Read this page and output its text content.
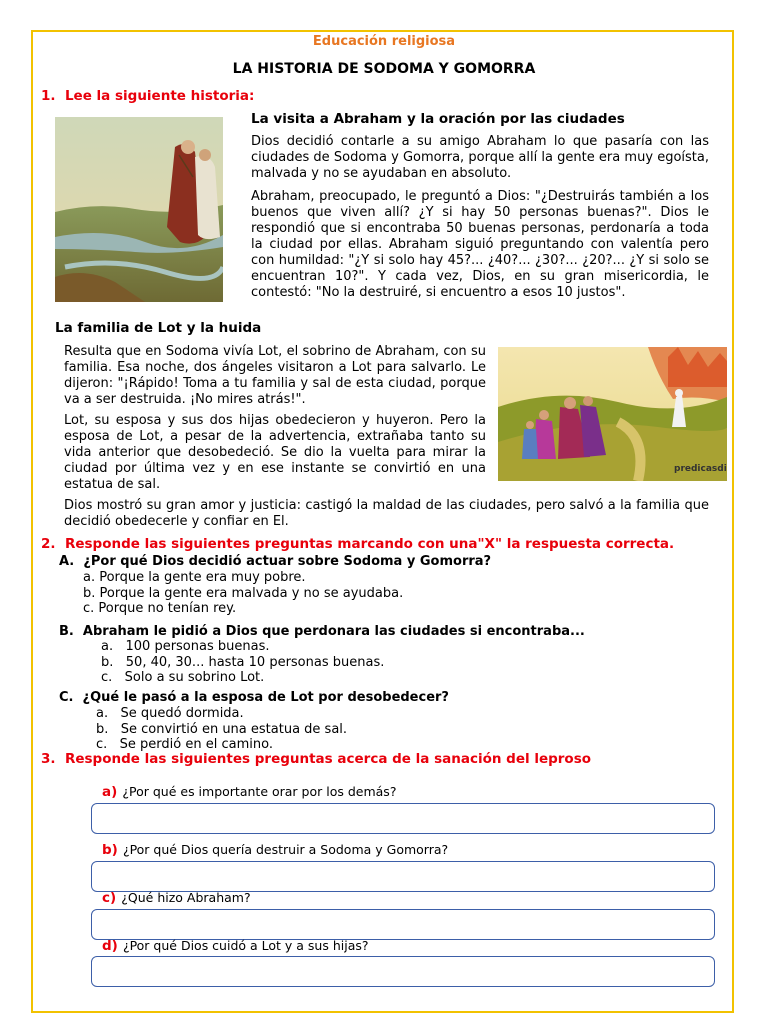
Educación religiosa
LA HISTORIA DE SODOMA Y GOMORRA
1. Lee la siguiente historia:
La visita a Abraham y la oración por las ciudades

Dios decidió contarle a su amigo Abraham lo que pasaría con las ciudades de Sodoma y Gomorra, porque allí la gente era muy egoísta, malvada y no se ayudaban en absoluto.

Abraham, preocupado, le preguntó a Dios: "¿Destruirás también a los buenos que viven allí? ¿Y si hay 50 personas buenas?". Dios le respondió que si encontraba 50 buenas personas, perdonaría a toda la ciudad por ellas. Abraham siguió preguntando con valentía pero con humildad: "¿Y si solo hay 45?... ¿40?... ¿30?... ¿20?... ¿Y si solo se encuentran 10?". Y cada vez, Dios, en su gran misericordia, le contestó: "No la destruiré, si encuentro a esos 10 justos".

La familia de Lot y la huida

Resulta que en Sodoma vivía Lot, el sobrino de Abraham, con su familia. Esa noche, dos ángeles visitaron a Lot para salvarlo. Le dijeron: "¡Rápido! Toma a tu familia y sal de esta ciudad, porque va a ser destruida. ¡No mires atrás!".

Lot, su esposa y sus dos hijas obedecieron y huyeron. Pero la esposa de Lot, a pesar de la advertencia, extrañaba tanto su vida anterior que desobedeció. Se dio la vuelta para mirar la ciudad por última vez y en ese instante se convirtió en una estatua de sal.

Dios mostró su gran amor y justicia: castigó la maldad de las ciudades, pero salvó a la familia que decidió obedecerle y confiar en El.

predicasdi
2. Responde las siguientes preguntas marcando con una"X" la respuesta correcta.
A. ¿Por qué Dios decidió actuar sobre Sodoma y Gomorra?
a. Porque la gente era muy pobre.
b. Porque la gente era malvada y no se ayudaba.
c. Porque no tenían rey.
B. Abraham le pidió a Dios que perdonara las ciudades si encontraba...
a.   100 personas buenas.
b.   50, 40, 30... hasta 10 personas buenas.
c.   Solo a su sobrino Lot.
C. ¿Qué le pasó a la esposa de Lot por desobedecer?
a.   Se quedó dormida.
b.   Se convirtió en una estatua de sal.
c.   Se perdió en el camino.
3. Responde las siguientes preguntas acerca de la sanación del leproso
a) ¿Por qué es importante orar por los demás?
b) ¿Por qué Dios quería destruir a Sodoma y Gomorra?
c) ¿Qué hizo Abraham?
d) ¿Por qué Dios cuidó a Lot y a sus hijas?
